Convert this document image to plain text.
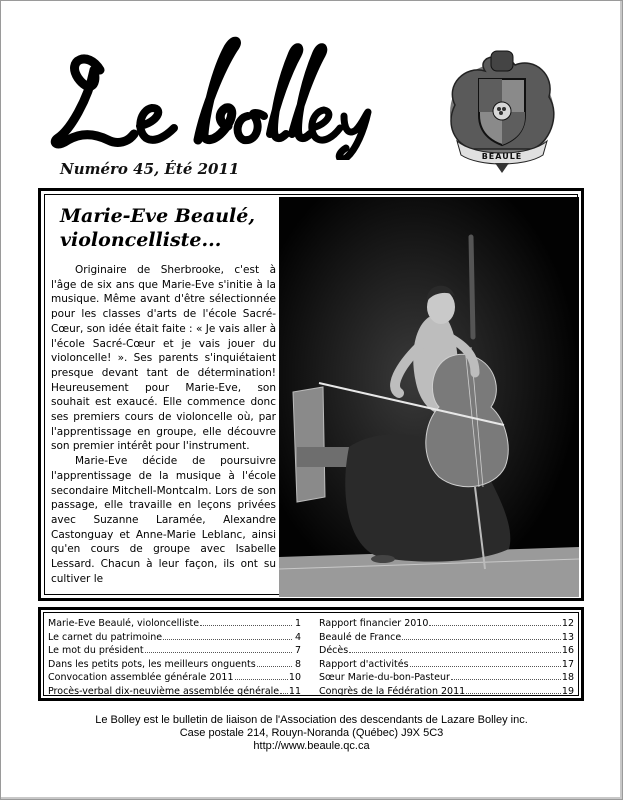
BEAULÉ
Numéro 45, Été 2011
Marie-Eve Beaulé,
violoncelliste...

Originaire de Sherbrooke, c'est à l'âge de six ans que Marie-Eve s'initie à la musique. Même avant d'être sélectionnée pour les classes d'arts de l'école Sacré-Cœur, son idée était faite : « Je vais aller à l'école Sacré-Cœur et je vais jouer du violoncelle! ». Ses parents s'inquiétaient presque devant tant de détermination! Heureusement pour Marie-Eve, son souhait est exaucé. Elle commence donc ses premiers cours de violoncelle où, par l'apprentissage en groupe, elle découvre son premier intérêt pour l'instrument.

Marie-Eve décide de poursuivre l'apprentissage de la musique à l'école secondaire Mitchell-Montcalm. Lors de son passage, elle travaille en leçons privées avec Suzanne Laramée, Alexandre Castonguay et Anne-Marie Leblanc, ainsi qu'en cours de groupe avec Isabelle Lessard. Chacun à leur façon, ils ont su cultiver le

Marie-Eve Beaulé, violoncelliste	1
Le carnet du patrimoine	4
Le mot du président	7
Dans les petits pots, les meilleurs onguents	8
Convocation assemblée générale 2011	10
Procès-verbal dix-neuvième assemblée générale 11
Rapport financier 2010	12
Beaulé de France	13
Décès	16
Rapport d'activités	17
Sœur Marie-du-bon-Pasteur	18
Congrès de la Fédération 2011	19
Le Bolley est le bulletin de liaison de l'Association des descendants de Lazare Bolley inc.
Case postale 214, Rouyn-Noranda (Québec) J9X 5C3
http://www.beaule.qc.ca
